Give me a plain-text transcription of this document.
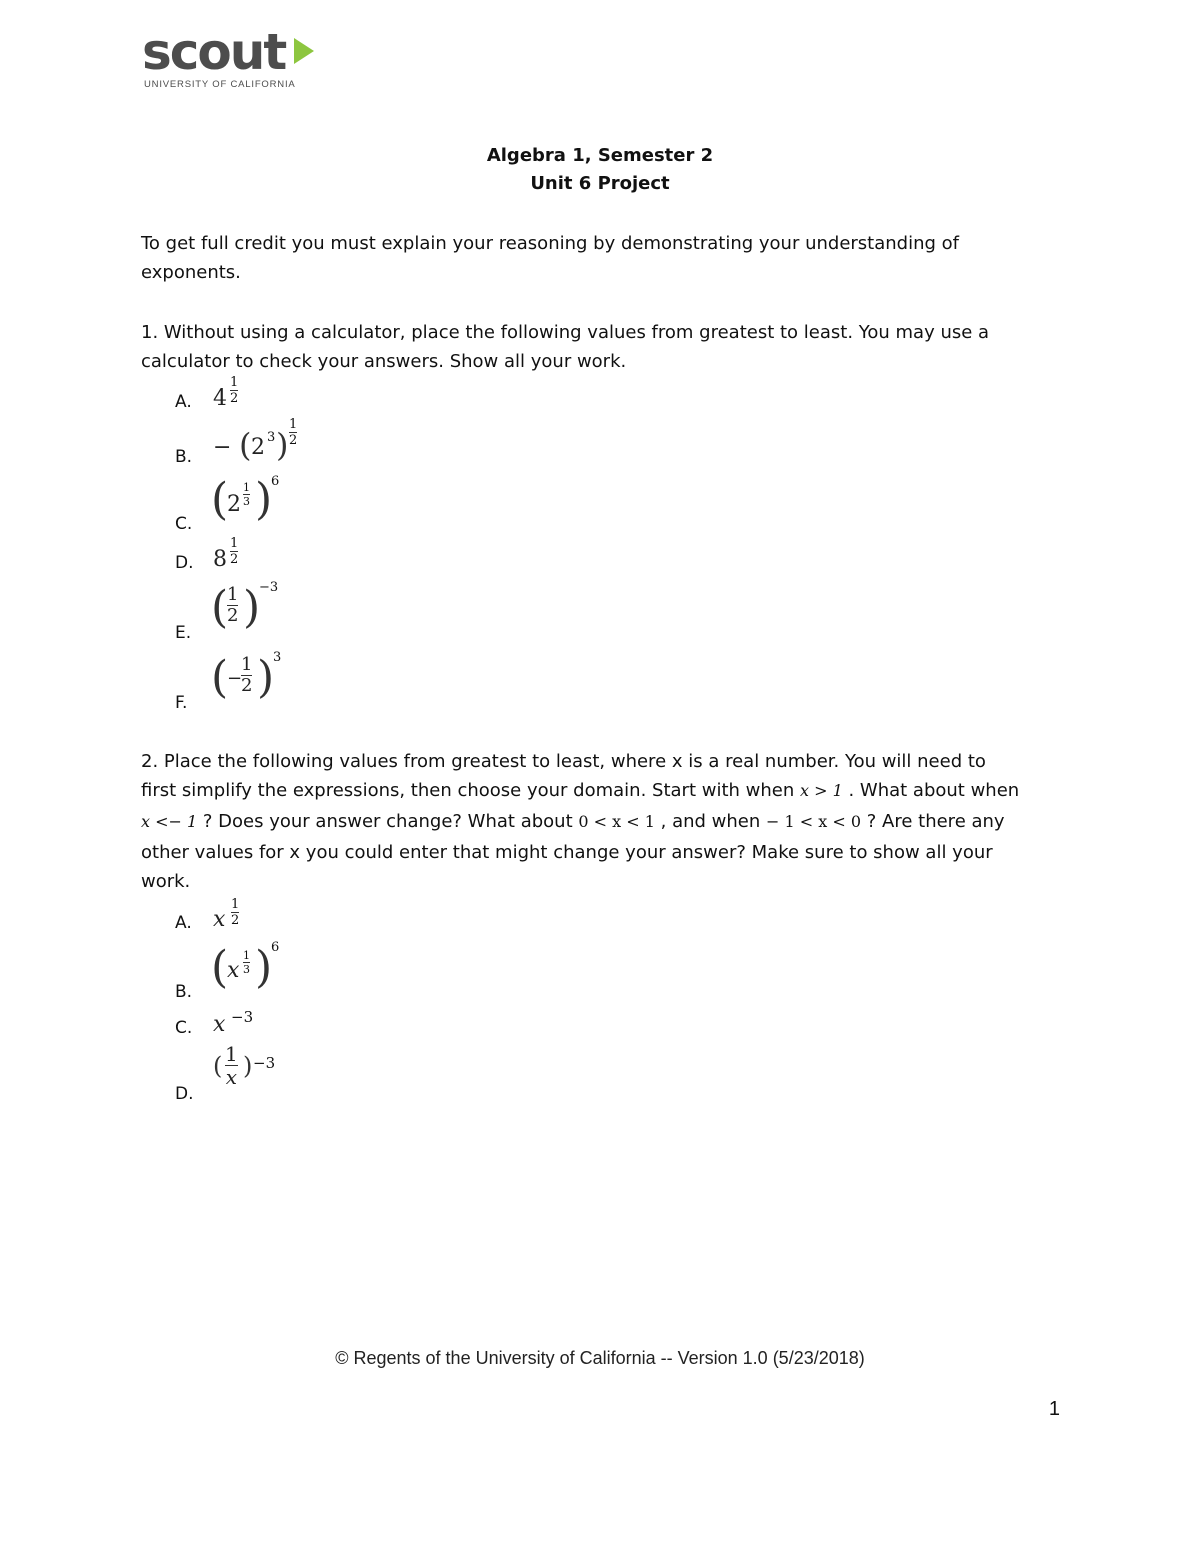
scout
UNIVERSITY OF CALIFORNIA
Algebra 1, Semester 2
Unit 6 Project
To get full credit you must explain your reasoning by demonstrating your understanding of
exponents.
1. Without using a calculator, place the following values from greatest to least. You may use a
calculator to check your answers. Show all your work.
A. $4 \frac{1}{2}$
B. − ( 2 3 ) $\frac{1}{2}$
C. (
$2 \frac{1}{3}$ )
6
D. $8 \frac{1}{2}$
E. (
$\frac{1}{2}$ )
−3
F. (
−
$\frac{1}{2}$ )
3
2. Place the following values from greatest to least, where x is a real number. You will need to
first simplify the expressions, then choose your domain. Start with when x > 1 . What about when
x <− 1 ? Does your answer change? What about 0 < x < 1 , and when − 1 < x < 0 ? Are there any
other values for x you could enter that might change your answer? Make sure to show all your
work.
A. x $\frac{1}{2}$
B. (
x $\frac{1}{3}$ )
6
C. x −3
D.
( $\frac{1}{x}$ ) −3
© Regents of the University of California -- Version 1.0 (5/23/2018)
1
